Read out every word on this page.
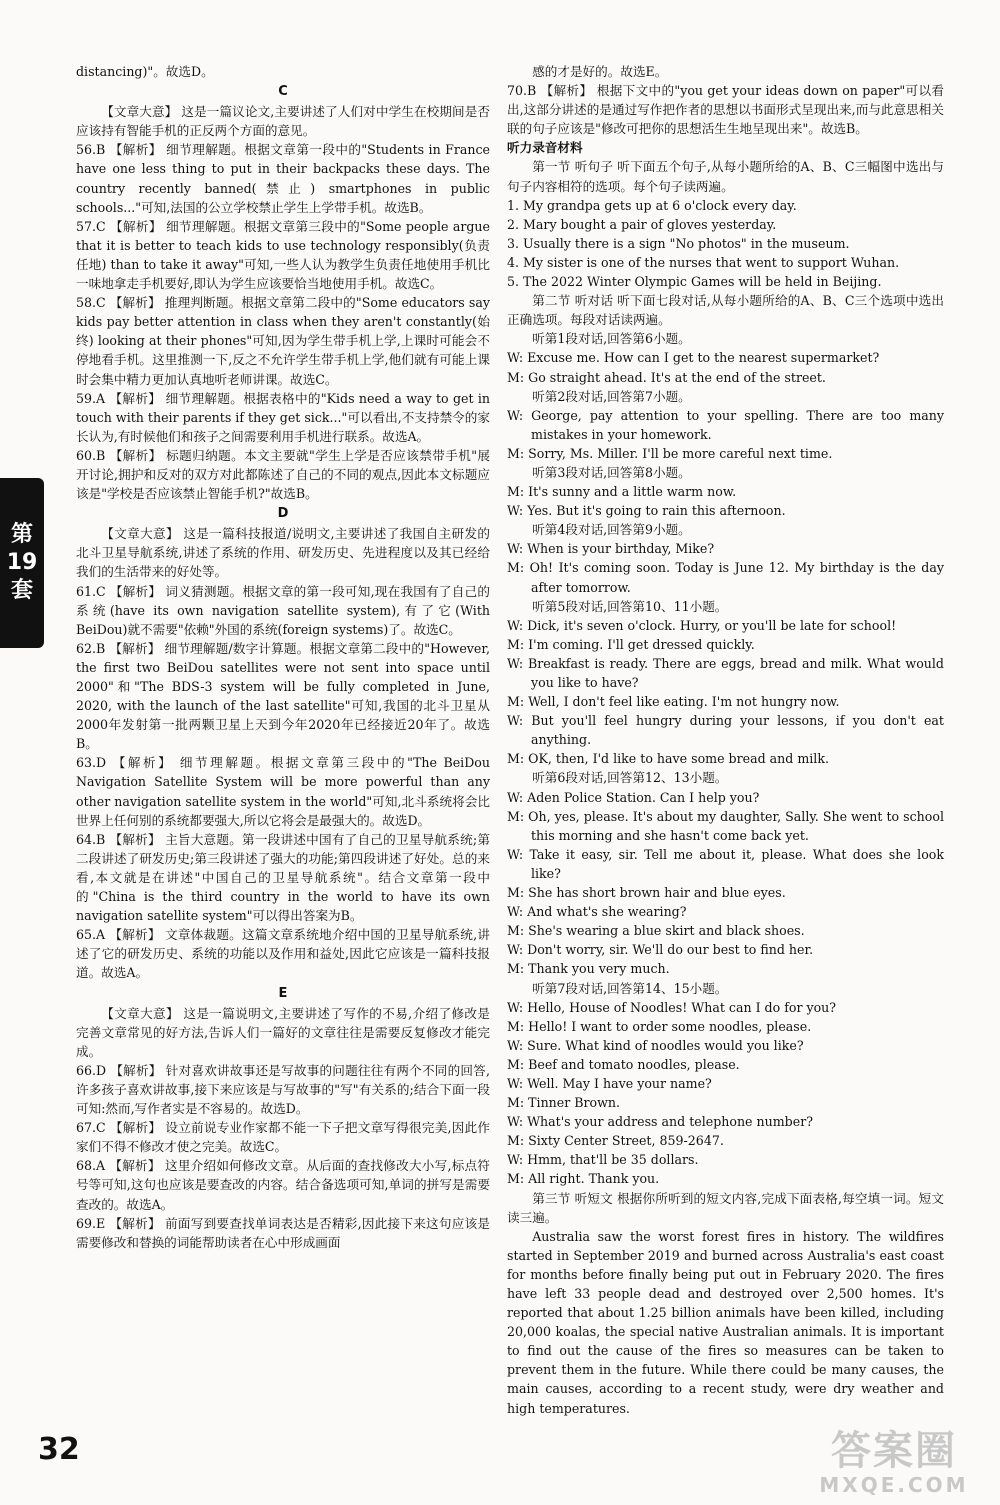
第
19
套

distancing)"。故选D。

C

【文章大意】 这是一篇议论文,主要讲述了人们对中学生在校期间是否应该持有智能手机的正反两个方面的意见。

56.B 【解析】 细节理解题。根据文章第一段中的"Students in France have one less thing to put in their backpacks these days. The country recently banned(禁止) smartphones in public schools..."可知,法国的公立学校禁止学生上学带手机。故选B。

57.C 【解析】 细节理解题。根据文章第三段中的"Some people argue that it is better to teach kids to use technology responsibly(负责任地) than to take it away"可知,一些人认为教学生负责任地使用手机比一味地拿走手机要好,即认为学生应该要恰当地使用手机。故选C。

58.C 【解析】 推理判断题。根据文章第二段中的"Some educators say kids pay better attention in class when they aren't constantly(始终) looking at their phones"可知,因为学生带手机上学,上课时可能会不停地看手机。这里推测一下,反之不允许学生带手机上学,他们就有可能上课时会集中精力更加认真地听老师讲课。故选C。

59.A 【解析】 细节理解题。根据表格中的"Kids need a way to get in touch with their parents if they get sick..."可以看出,不支持禁令的家长认为,有时候他们和孩子之间需要利用手机进行联系。故选A。

60.B 【解析】 标题归纳题。本文主要就"学生上学是否应该禁带手机"展开讨论,拥护和反对的双方对此都陈述了自己的不同的观点,因此本文标题应该是"学校是否应该禁止智能手机?"故选B。

D

【文章大意】 这是一篇科技报道/说明文,主要讲述了我国自主研发的北斗卫星导航系统,讲述了系统的作用、研发历史、先进程度以及其已经给我们的生活带来的好处等。

61.C 【解析】 词义猜测题。根据文章的第一段可知,现在我国有了自己的系统(have its own navigation satellite system),有了它(With BeiDou)就不需要"依赖"外国的系统(foreign systems)了。故选C。

62.B 【解析】 细节理解题/数字计算题。根据文章第二段中的"However, the first two BeiDou satellites were not sent into space until 2000"和"The BDS-3 system will be fully completed in June, 2020, with the launch of the last satellite"可知,我国的北斗卫星从2000年发射第一批两颗卫星上天到今年2020年已经接近20年了。故选B。

63.D 【解析】 细节理解题。根据文章第三段中的"The BeiDou Navigation Satellite System will be more powerful than any other navigation satellite system in the world"可知,北斗系统将会比世界上任何别的系统都要强大,所以它将会是最强大的。故选D。

64.B 【解析】 主旨大意题。第一段讲述中国有了自己的卫星导航系统;第二段讲述了研发历史;第三段讲述了强大的功能;第四段讲述了好处。总的来看,本文就是在讲述"中国自己的卫星导航系统"。结合文章第一段中的"China is the third country in the world to have its own navigation satellite system"可以得出答案为B。

65.A 【解析】 文章体裁题。这篇文章系统地介绍中国的卫星导航系统,讲述了它的研发历史、系统的功能以及作用和益处,因此它应该是一篇科技报道。故选A。

E

【文章大意】 这是一篇说明文,主要讲述了写作的不易,介绍了修改是完善文章常见的好方法,告诉人们一篇好的文章往往是需要反复修改才能完成。

66.D 【解析】 针对喜欢讲故事还是写故事的问题往往有两个不同的回答,许多孩子喜欢讲故事,接下来应该是与写故事的"写"有关系的;结合下面一段可知:然而,写作者实是不容易的。故选D。

67.C 【解析】 设立前说专业作家都不能一下子把文章写得很完美,因此作家们不得不修改才使之完美。故选C。

68.A 【解析】 这里介绍如何修改文章。从后面的查找修改大小写,标点符号等可知,这句也应该是要查改的内容。结合备选项可知,单词的拼写是需要查改的。故选A。

69.E 【解析】 前面写到要查找单词表达是否精彩,因此接下来这句应该是需要修改和替换的词能帮助读者在心中形成画面

感的才是好的。故选E。

70.B 【解析】 根据下文中的"you get your ideas down on paper"可以看出,这部分讲述的是通过写作把作者的思想以书面形式呈现出来,而与此意思相关联的句子应该是"修改可把你的思想活生生地呈现出来"。故选B。

听力录音材料

第一节 听句子 听下面五个句子,从每小题所给的A、B、C三幅图中选出与句子内容相符的选项。每个句子读两遍。

1. My grandpa gets up at 6 o'clock every day.

2. Mary bought a pair of gloves yesterday.

3. Usually there is a sign "No photos" in the museum.

4. My sister is one of the nurses that went to support Wuhan.

5. The 2022 Winter Olympic Games will be held in Beijing.

第二节 听对话 听下面七段对话,从每小题所给的A、B、C三个选项中选出正确选项。每段对话读两遍。

听第1段对话,回答第6小题。

W: Excuse me. How can I get to the nearest supermarket?

M: Go straight ahead. It's at the end of the street.

听第2段对话,回答第7小题。

W: George, pay attention to your spelling. There are too many mistakes in your homework.

M: Sorry, Ms. Miller. I'll be more careful next time.

听第3段对话,回答第8小题。

M: It's sunny and a little warm now.

W: Yes. But it's going to rain this afternoon.

听第4段对话,回答第9小题。

W: When is your birthday, Mike?

M: Oh! It's coming soon. Today is June 12. My birthday is the day after tomorrow.

听第5段对话,回答第10、11小题。

W: Dick, it's seven o'clock. Hurry, or you'll be late for school!

M: I'm coming. I'll get dressed quickly.

W: Breakfast is ready. There are eggs, bread and milk. What would you like to have?

M: Well, I don't feel like eating. I'm not hungry now.

W: But you'll feel hungry during your lessons, if you don't eat anything.

M: OK, then, I'd like to have some bread and milk.

听第6段对话,回答第12、13小题。

W: Aden Police Station. Can I help you?

M: Oh, yes, please. It's about my daughter, Sally. She went to school this morning and she hasn't come back yet.

W: Take it easy, sir. Tell me about it, please. What does she look like?

M: She has short brown hair and blue eyes.

W: And what's she wearing?

M: She's wearing a blue skirt and black shoes.

W: Don't worry, sir. We'll do our best to find her.

M: Thank you very much.

听第7段对话,回答第14、15小题。

W: Hello, House of Noodles! What can I do for you?

M: Hello! I want to order some noodles, please.

W: Sure. What kind of noodles would you like?

M: Beef and tomato noodles, please.

W: Well. May I have your name?

M: Tinner Brown.

W: What's your address and telephone number?

M: Sixty Center Street, 859-2647.

W: Hmm, that'll be 35 dollars.

M: All right. Thank you.

第三节 听短文 根据你所听到的短文内容,完成下面表格,每空填一词。短文读三遍。

Australia saw the worst forest fires in history. The wildfires started in September 2019 and burned across Australia's east coast for months before finally being put out in February 2020. The fires have left 33 people dead and destroyed over 2,500 homes. It's reported that about 1.25 billion animals have been killed, including 20,000 koalas, the special native Australian animals. It is important to find out the cause of the fires so measures can be taken to prevent them in the future. While there could be many causes, the main causes, according to a recent study, were dry weather and high temperatures.

32	答案圈
MXQE.COM
